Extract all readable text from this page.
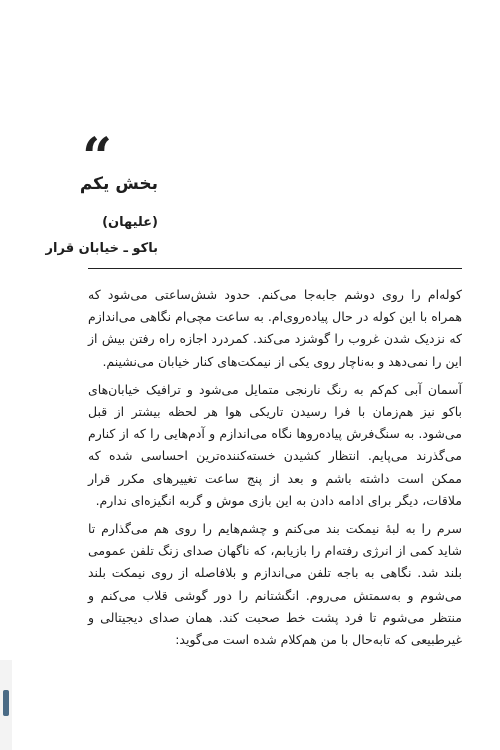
“
بخش یکم
(علیهان)
باکو ـ خیابان قرار

کوله‌ام را روی دوشم جابه‌جا می‌کنم. حدود شش‌ساعتی می‌شود که همراه با این کوله در حال پیاده‌روی‌ام. به ساعت مچی‌ام نگاهی می‌اندازم که نزدیک شدن غروب را گوشزد می‌کند. کمردرد اجازه راه رفتن بیش از این را نمی‌دهد و به‌ناچار روی یکی از نیمکت‌های کنار خیابان می‌نشینم.

آسمان آبی کم‌کم به رنگ نارنجی متمایل می‌شود و ترافیک خیابان‌های باکو نیز هم‌زمان با فرا رسیدن تاریکی هوا هر لحظه بیشتر از قبل می‌شود. به سنگ‌فرش پیاده‌روها نگاه می‌اندازم و آدم‌هایی را که از کنارم می‌گذرند می‌پایم. انتظار کشیدن خسته‌کننده‌ترین احساسی شده که ممکن است داشته باشم و بعد از پنج ساعت تغییرهای مکرر قرار ملاقات، دیگر برای ادامه دادن به این بازی موش و گربه انگیزه‌ای ندارم.

سرم را به لبهٔ نیمکت بند می‌کنم و چشم‌هایم را روی هم می‌گذارم تا شاید کمی از انرژی رفته‌ام را بازیابم، که ناگهان صدای زنگ تلفن عمومی بلند شد. نگاهی به باجه تلفن می‌اندازم و بلافاصله از روی نیمکت بلند می‌شوم و به‌سمتش می‌روم. انگشتانم را دور گوشی قلاب می‌کنم و منتظر می‌شوم تا فرد پشت خط صحبت کند. همان صدای دیجیتالی و غیرطبیعی که تابه‌حال با من هم‌کلام شده است می‌گوید:
